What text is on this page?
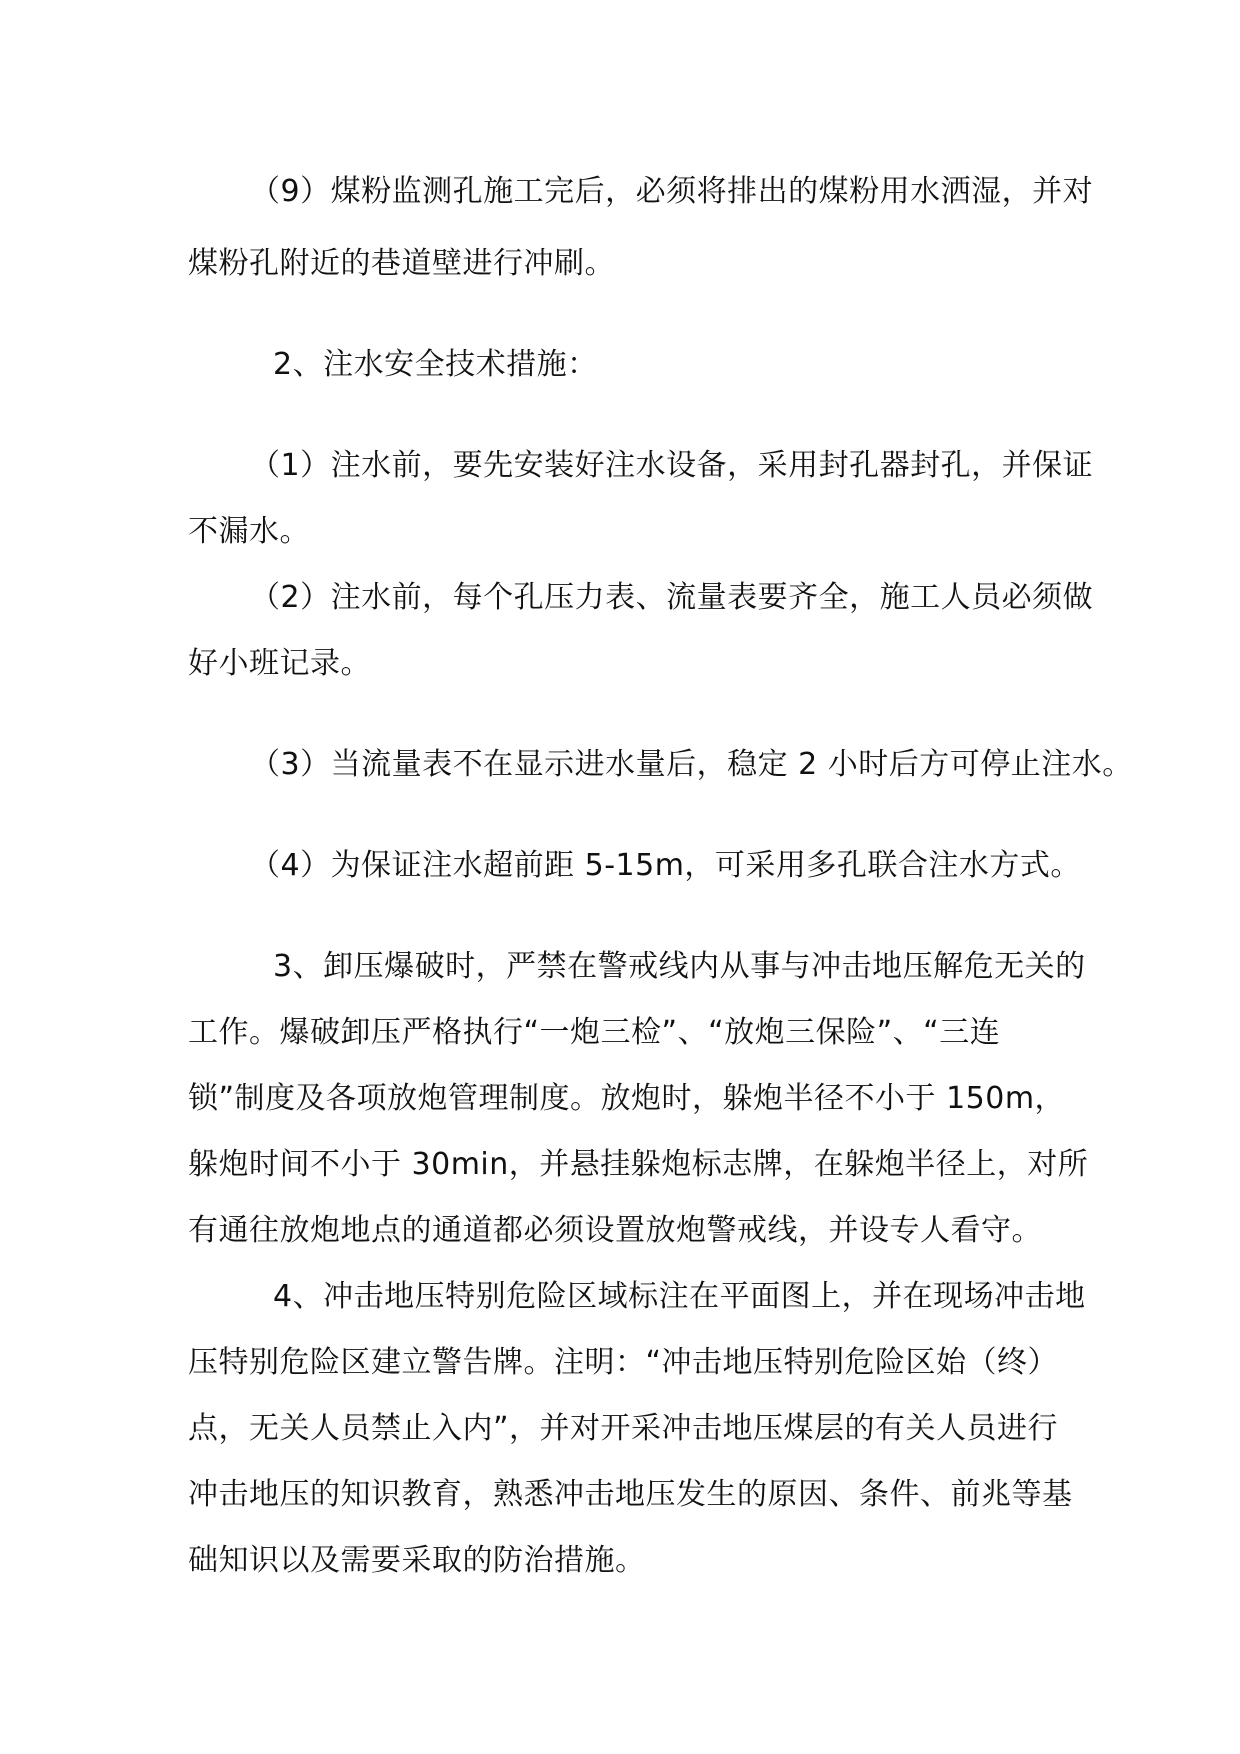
（9）煤粉监测孔施工完后，必须将排出的煤粉用水洒湿，并对
煤粉孔附近的巷道壁进行冲刷。
2、注水安全技术措施：
（1）注水前，要先安装好注水设备，采用封孔器封孔，并保证
不漏水。
（2）注水前，每个孔压力表、流量表要齐全，施工人员必须做
好小班记录。
（3）当流量表不在显示进水量后，稳定 2 小时后方可停止注水。
（4）为保证注水超前距 5-15m，可采用多孔联合注水方式。
3、卸压爆破时，严禁在警戒线内从事与冲击地压解危无关的
工作。爆破卸压严格执行“一炮三检”、“放炮三保险”、“三连
锁”制度及各项放炮管理制度。放炮时，躲炮半径不小于 150m，
躲炮时间不小于 30min，并悬挂躲炮标志牌，在躲炮半径上，对所
有通往放炮地点的通道都必须设置放炮警戒线，并设专人看守。
4、冲击地压特别危险区域标注在平面图上，并在现场冲击地
压特别危险区建立警告牌。注明：“冲击地压特别危险区始（终）
点，无关人员禁止入内”，并对开采冲击地压煤层的有关人员进行
冲击地压的知识教育，熟悉冲击地压发生的原因、条件、前兆等基
础知识以及需要采取的防治措施。
